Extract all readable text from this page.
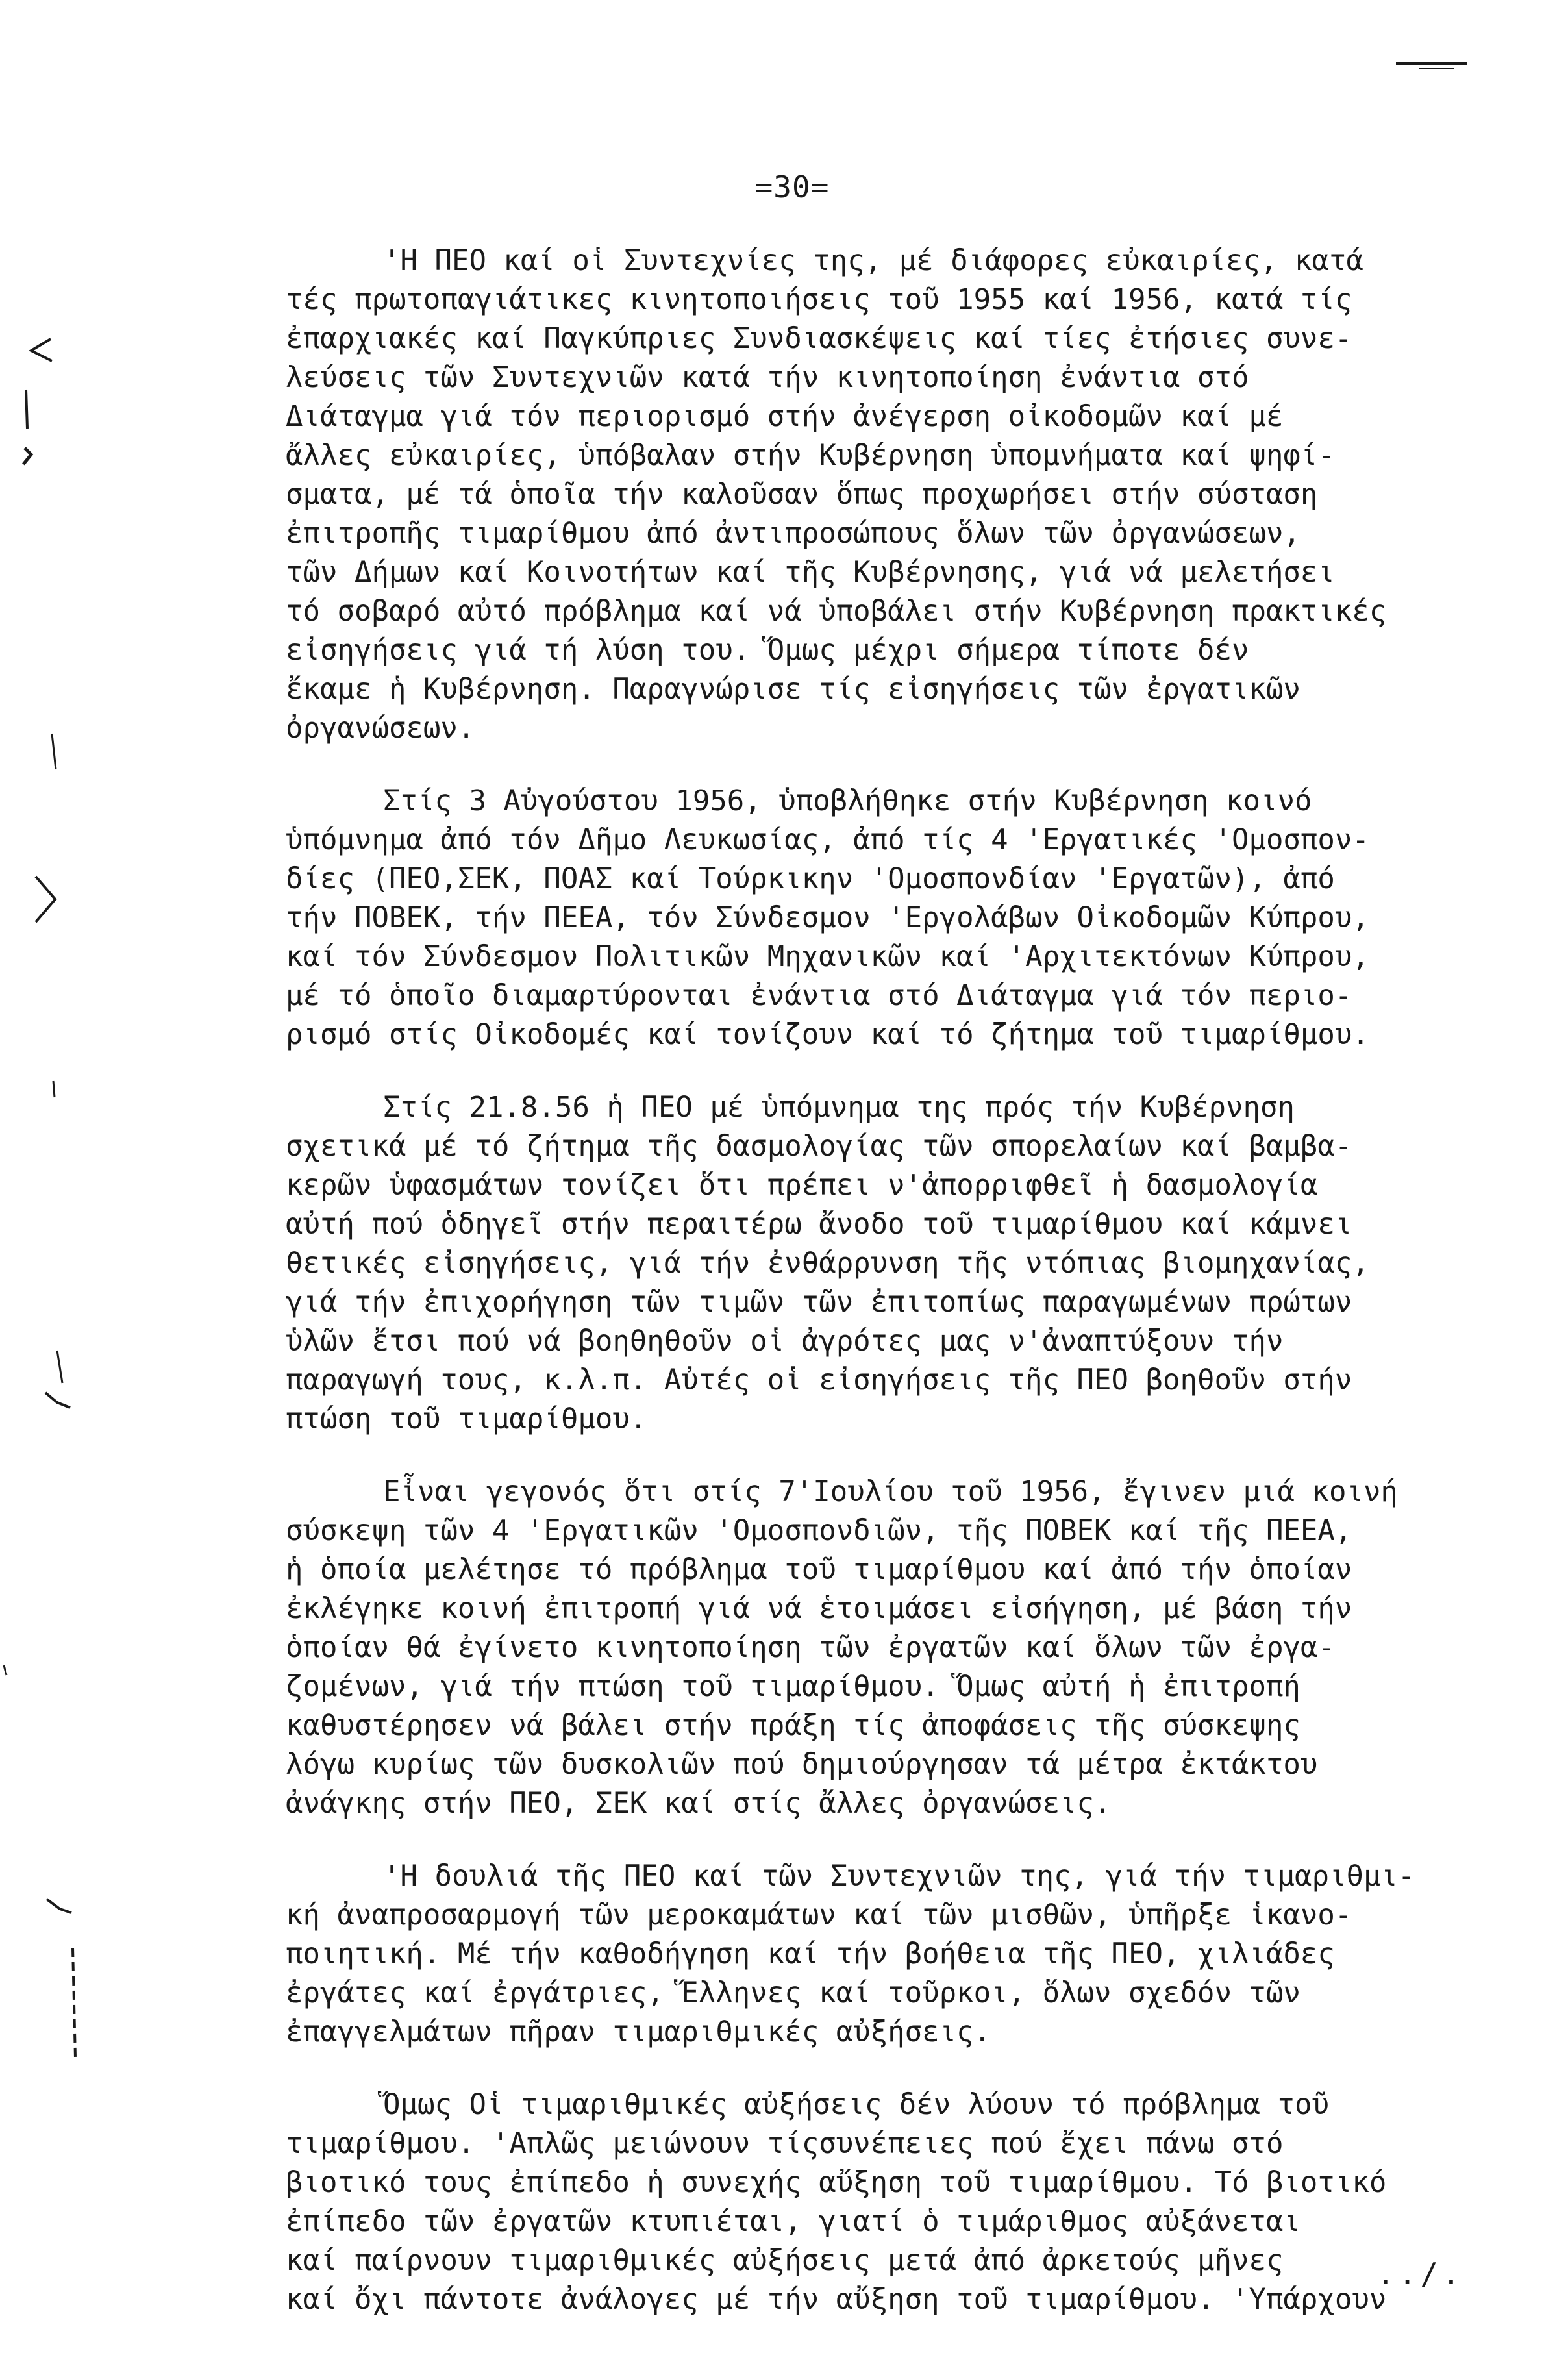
=30=
'Η ΠΕΟ καί οἱ Συντεχνίες της, μέ διάφορες εὐκαιρίες, κατά
τές πρωτοπαγιάτικες κινητοποιήσεις τοῦ 1955 καί 1956, κατά τίς
ἐπαρχιακές καί Παγκύπριες Συνδιασκέψεις καί τίες ἐτήσιες συνε-
λεύσεις τῶν Συντεχνιῶν κατά τήν κινητοποίηση ἐνάντια στό
Διάταγμα γιά τόν περιορισμό στήν ἀνέγερση οἰκοδομῶν καί μέ
ἄλλες εὐκαιρίες, ὑπόβαλαν στήν Κυβέρνηση ὑπομνήματα καί ψηφί-
σματα, μέ τά ὁποῖα τήν καλοῦσαν ὅπως προχωρήσει στήν σύσταση
ἐπιτροπῆς τιμαρίθμου ἀπό ἀντιπροσώπους ὅλων τῶν ὀργανώσεων,
τῶν Δήμων καί Κοινοτήτων καί τῆς Κυβέρνησης, γιά νά μελετήσει
τό σοβαρό αὐτό πρόβλημα καί νά ὑποβάλει στήν Κυβέρνηση πρακτικές
εἰσηγήσεις γιά τή λύση του. Ὅμως μέχρι σήμερα τίποτε δέν
ἔκαμε ἡ Κυβέρνηση. Παραγνώρισε τίς εἰσηγήσεις τῶν ἐργατικῶν
ὀργανώσεων.
Στίς 3 Αὐγούστου 1956, ὑποβλήθηκε στήν Κυβέρνηση κοινό
ὑπόμνημα ἀπό τόν Δῆμο Λευκωσίας, ἀπό τίς 4 'Εργατικές 'Ομοσπον-
δίες (ΠΕΟ,ΣΕΚ, ΠΟΑΣ καί Τούρκικην 'Ομοσπονδίαν 'Εργατῶν), ἀπό
τήν ΠΟΒΕΚ, τήν ΠΕΕΑ, τόν Σύνδεσμον 'Εργολάβων Οἰκοδομῶν Κύπρου,
καί τόν Σύνδεσμον Πολιτικῶν Μηχανικῶν καί 'Αρχιτεκτόνων Κύπρου,
μέ τό ὁποῖο διαμαρτύρονται ἐνάντια στό Διάταγμα γιά τόν περιο-
ρισμό στίς Οἰκοδομές καί τονίζουν καί τό ζήτημα τοῦ τιμαρίθμου.
Στίς 21.8.56 ἡ ΠΕΟ μέ ὑπόμνημα της πρός τήν Κυβέρνηση
σχετικά μέ τό ζήτημα τῆς δασμολογίας τῶν σπορελαίων καί βαμβα-
κερῶν ὑφασμάτων τονίζει ὅτι πρέπει ν'ἀπορριφθεῖ ἡ δασμολογία
αὐτή πού ὁδηγεῖ στήν περαιτέρω ἄνοδο τοῦ τιμαρίθμου καί κάμνει
θετικές εἰσηγήσεις, γιά τήν ἐνθάρρυνση τῆς ντόπιας βιομηχανίας,
γιά τήν ἐπιχορήγηση τῶν τιμῶν τῶν ἐπιτοπίως παραγωμένων πρώτων
ὑλῶν ἔτσι πού νά βοηθηθοῦν οἱ ἀγρότες μας ν'ἀναπτύξουν τήν
παραγωγή τους, κ.λ.π. Αὐτές οἱ εἰσηγήσεις τῆς ΠΕΟ βοηθοῦν στήν
πτώση τοῦ τιμαρίθμου.
Εἶναι γεγονός ὅτι στίς 7'Ιουλίου τοῦ 1956, ἔγινεν μιά κοινή
σύσκεψη τῶν 4 'Εργατικῶν 'Ομοσπονδιῶν, τῆς ΠΟΒΕΚ καί τῆς ΠΕΕΑ,
ἡ ὁποία μελέτησε τό πρόβλημα τοῦ τιμαρίθμου καί ἀπό τήν ὁποίαν
ἐκλέγηκε κοινή ἐπιτροπή γιά νά ἑτοιμάσει εἰσήγηση, μέ βάση τήν
ὁποίαν θά ἐγίνετο κινητοποίηση τῶν ἐργατῶν καί ὅλων τῶν ἐργα-
ζομένων, γιά τήν πτώση τοῦ τιμαρίθμου. Ὅμως αὐτή ἡ ἐπιτροπή
καθυστέρησεν νά βάλει στήν πράξη τίς ἀποφάσεις τῆς σύσκεψης
λόγω κυρίως τῶν δυσκολιῶν πού δημιούργησαν τά μέτρα ἐκτάκτου
ἀνάγκης στήν ΠΕΟ, ΣΕΚ καί στίς ἄλλες ὀργανώσεις.
'Η δουλιά τῆς ΠΕΟ καί τῶν Συντεχνιῶν της, γιά τήν τιμαριθμι-
κή ἀναπροσαρμογή τῶν μεροκαμάτων καί τῶν μισθῶν, ὑπῆρξε ἱκανο-
ποιητική. Μέ τήν καθοδήγηση καί τήν βοήθεια τῆς ΠΕΟ, χιλιάδες
ἐργάτες καί ἐργάτριες, Ἕλληνες καί τοῦρκοι, ὅλων σχεδόν τῶν
ἐπαγγελμάτων πῆραν τιμαριθμικές αὐξήσεις.
Ὅμως Οἱ τιμαριθμικές αὐξήσεις δέν λύουν τό πρόβλημα τοῦ
τιμαρίθμου. 'Απλῶς μειώνουν τίςσυνέπειες πού ἔχει πάνω στό
βιοτικό τους ἐπίπεδο ἡ συνεχής αὔξηση τοῦ τιμαρίθμου. Τό βιοτικό
ἐπίπεδο τῶν ἐργατῶν κτυπιέται, γιατί ὁ τιμάριθμος αὐξάνεται
καί παίρνουν τιμαριθμικές αὐξήσεις μετά ἀπό ἀρκετούς μῆνες
καί ὄχι πάντοτε ἀνάλογες μέ τήν αὔξηση τοῦ τιμαρίθμου. 'Υπάρχουν
../.
